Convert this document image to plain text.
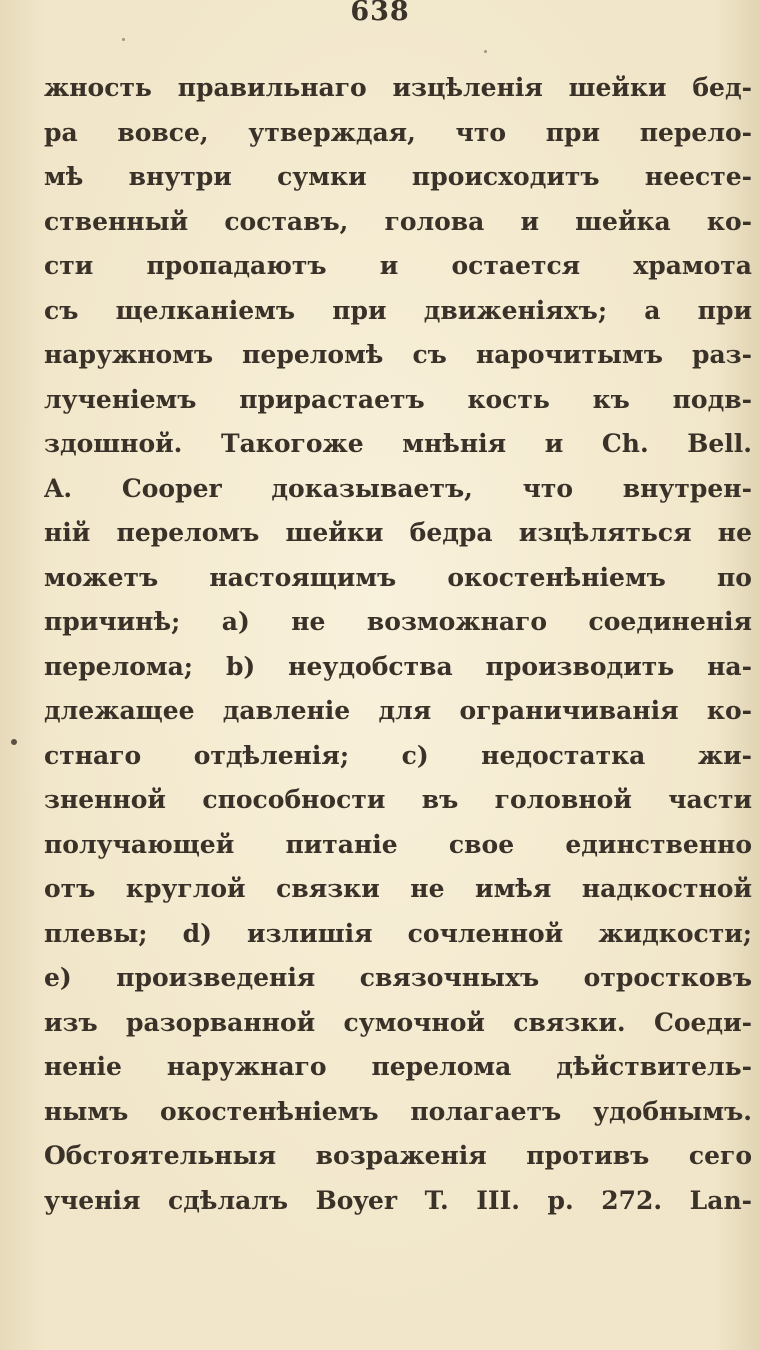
638
жность правильнаго изцѣленія шейки бед-
ра вовсе, утверждая, что при перело-
мѣ внутри сумки происходитъ неесте-
ственный составъ, голова и шейка ко-
сти пропадаютъ и остается храмота
съ щелканіемъ при движеніяхъ; а при
наружномъ переломѣ съ нарочитымъ раз-
лученіемъ прирастаетъ кость къ подв-
здошной. Такогоже мнѣнія и Ch. Bell.
A. Cooper доказываетъ, что внутрен-
ній переломъ шейки бедра изцѣляться не
можетъ настоящимъ окостенѣніемъ по
причинѣ; a) не возможнаго соединенія
перелома; b) неудобства производить на-
длежащее давленіе для ограничиванія ко-
стнаго отдѣленія; c) недостатка жи-
зненной способности въ головной части
получающей питаніе свое единственно
отъ круглой связки не имѣя надкостной
плевы; d) излишія сочленной жидкости;
e) произведенія связочныхъ отростковъ
изъ разорванной сумочной связки. Соеди-
неніе наружнаго перелома дѣйствитель-
нымъ окостенѣніемъ полагаетъ удобнымъ.
Обстоятельныя возраженія противъ сего
ученія сдѣлалъ Boyer T. III. p. 272. Lan-
